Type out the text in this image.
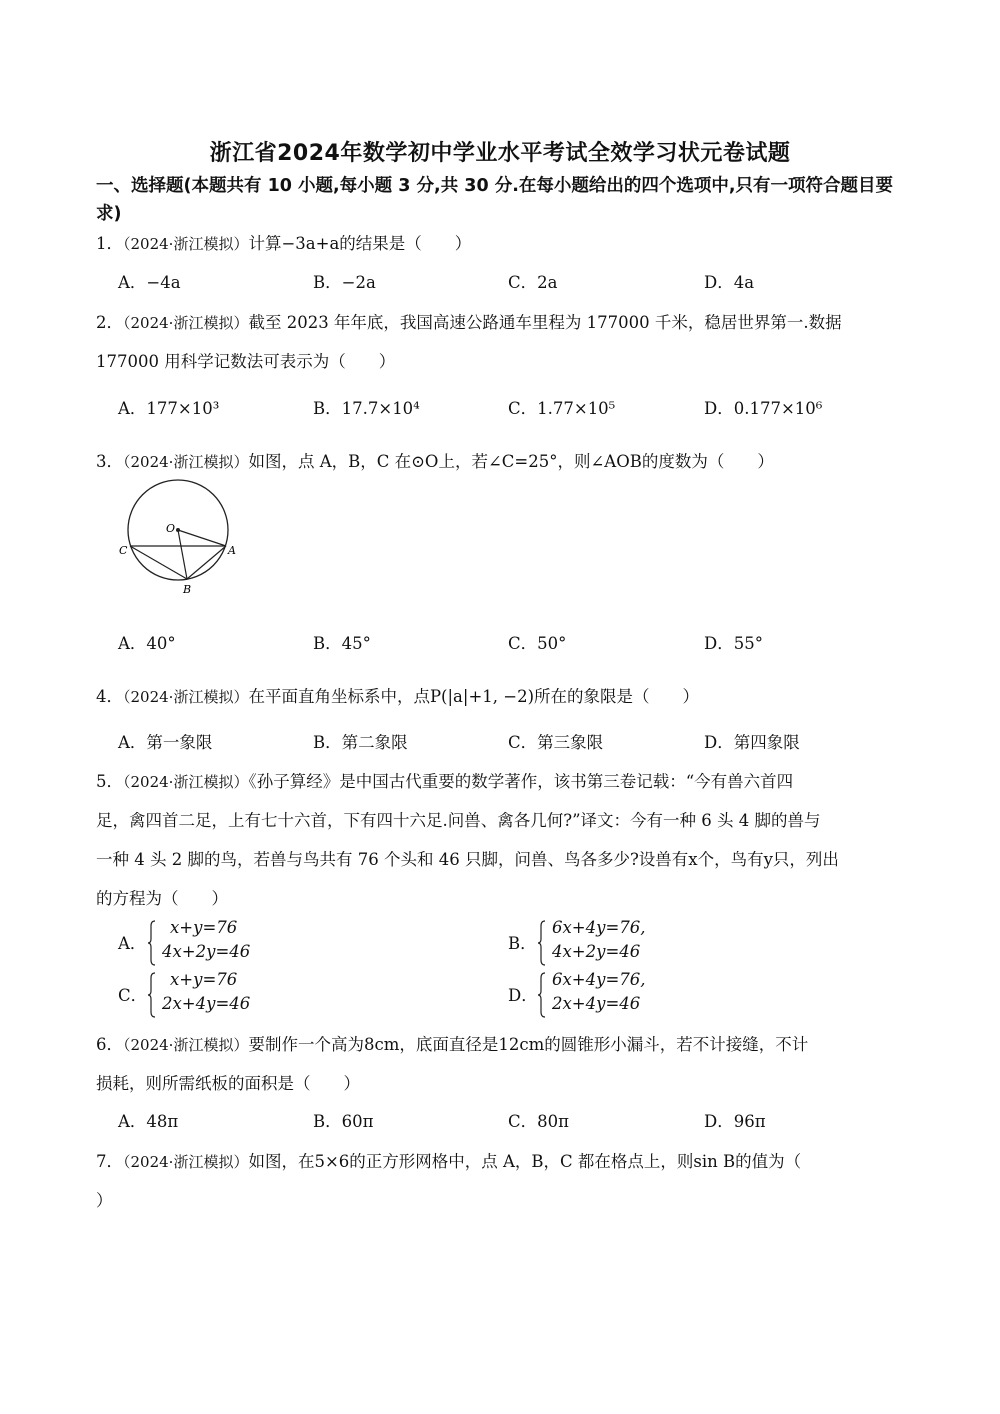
浙江省2024年数学初中学业水平考试全效学习状元卷试题
一、选择题(本题共有 10 小题,每小题 3 分,共 30 分.在每小题给出的四个选项中,只有一项符合题目要求)
1．（2024·浙江模拟）计算−3a+a的结果是（　　）
A．−4a	B．−2a	C．2a	D．4a
2．（2024·浙江模拟）截至 2023 年年底，我国高速公路通车里程为 177000 千米，稳居世界第一.数据
177000 用科学记数法可表示为（　　）
A．177×10³	B．17.7×10⁴	C．1.77×10⁵	D．0.177×10⁶
3．（2024·浙江模拟）如图，点 A，B，C 在⊙O上，若∠C=25°，则∠AOB的度数为（　　）
O
C	A
B
A．40°	B．45°	C．50°	D．55°
4．（2024·浙江模拟）在平面直角坐标系中，点P(|a|+1, −2)所在的象限是（　　）
A．第一象限	B．第二象限	C．第三象限	D．第四象限
5．（2024·浙江模拟）《孙子算经》是中国古代重要的数学著作，该书第三卷记载：“今有兽六首四
足，禽四首二足，上有七十六首，下有四十六足.问兽、禽各几何?”译文：今有一种 6 头 4 脚的兽与
一种 4 头 2 脚的鸟，若兽与鸟共有 76 个头和 46 只脚，问兽、鸟各多少?设兽有x个，鸟有y只，列出
的方程为（　　）
A．
x+y=76
4x+2y=46	B．
6x+4y=76,
4x+2y=46
C．
x+y=76
2x+4y=46	D．
6x+4y=76,
2x+4y=46
6．（2024·浙江模拟）要制作一个高为8cm，底面直径是12cm的圆锥形小漏斗，若不计接缝，不计
损耗，则所需纸板的面积是（　　）
A．48π	B．60π	C．80π	D．96π
7．（2024·浙江模拟）如图，在5×6的正方形网格中，点 A，B，C 都在格点上，则sin B的值为（
）
